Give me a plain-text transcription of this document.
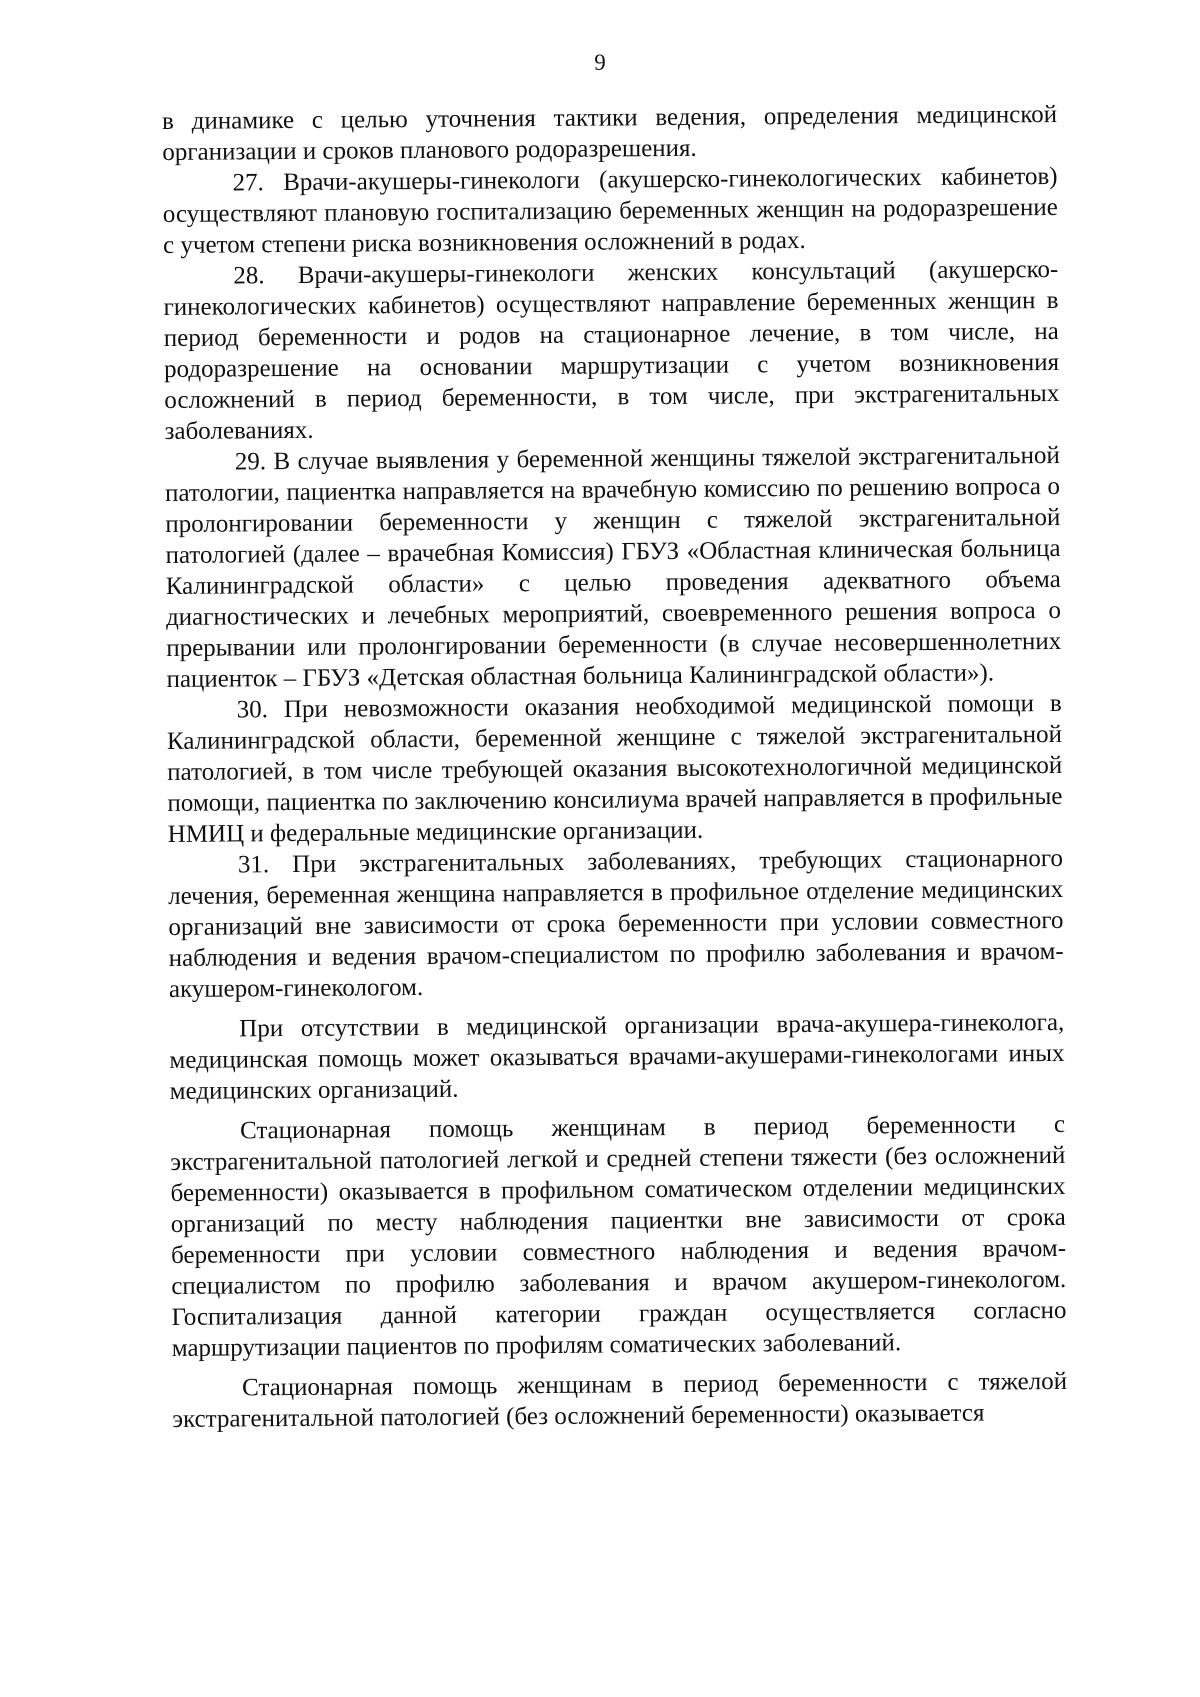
9

в динамике с целью уточнения тактики ведения, определения медицинской организации и сроков планового родоразрешения.

27. Врачи-акушеры-гинекологи (акушерско-гинекологических кабинетов) осуществляют плановую госпитализацию беременных женщин на родоразрешение с учетом степени риска возникновения осложнений в родах.

28. Врачи-акушеры-гинекологи женских консультаций (акушерско-гинекологических кабинетов) осуществляют направление беременных женщин в период беременности и родов на стационарное лечение, в том числе, на родоразрешение на основании маршрутизации с учетом возникновения осложнений в период беременности, в том числе, при экстрагенитальных заболеваниях.

29. В случае выявления у беременной женщины тяжелой экстрагенитальной патологии, пациентка направляется на врачебную комиссию по решению вопроса о пролонгировании беременности у женщин с тяжелой экстрагенитальной патологией (далее – врачебная Комиссия) ГБУЗ «Областная клиническая больница Калининградской области» с целью проведения адекватного объема диагностических и лечебных мероприятий, своевременного решения вопроса о прерывании или пролонгировании беременности (в случае несовершеннолетних пациенток – ГБУЗ «Детская областная больница Калининградской области»).

30. При невозможности оказания необходимой медицинской помощи в Калининградской области, беременной женщине с тяжелой экстрагенитальной патологией, в том числе требующей оказания высокотехнологичной медицинской помощи, пациентка по заключению консилиума врачей направляется в профильные НМИЦ и федеральные медицинские организации.

31. При экстрагенитальных заболеваниях, требующих стационарного лечения, беременная женщина направляется в профильное отделение медицинских организаций вне зависимости от срока беременности при условии совместного наблюдения и ведения врачом-специалистом по профилю заболевания и врачом-акушером-гинекологом.

При отсутствии в медицинской организации врача-акушера-гинеколога, медицинская помощь может оказываться врачами-акушерами-гинекологами иных медицинских организаций.

Стационарная помощь женщинам в период беременности с экстрагенитальной патологией легкой и средней степени тяжести (без осложнений беременности) оказывается в профильном соматическом отделении медицинских организаций по месту наблюдения пациентки вне зависимости от срока беременности при условии совместного наблюдения и ведения врачом-специалистом по профилю заболевания и врачом акушером-гинекологом. Госпитализация данной категории граждан осуществляется согласно маршрутизации пациентов по профилям соматических заболеваний.

Стационарная помощь женщинам в период беременности с тяжелой экстрагенитальной патологией (без осложнений беременности) оказывается
